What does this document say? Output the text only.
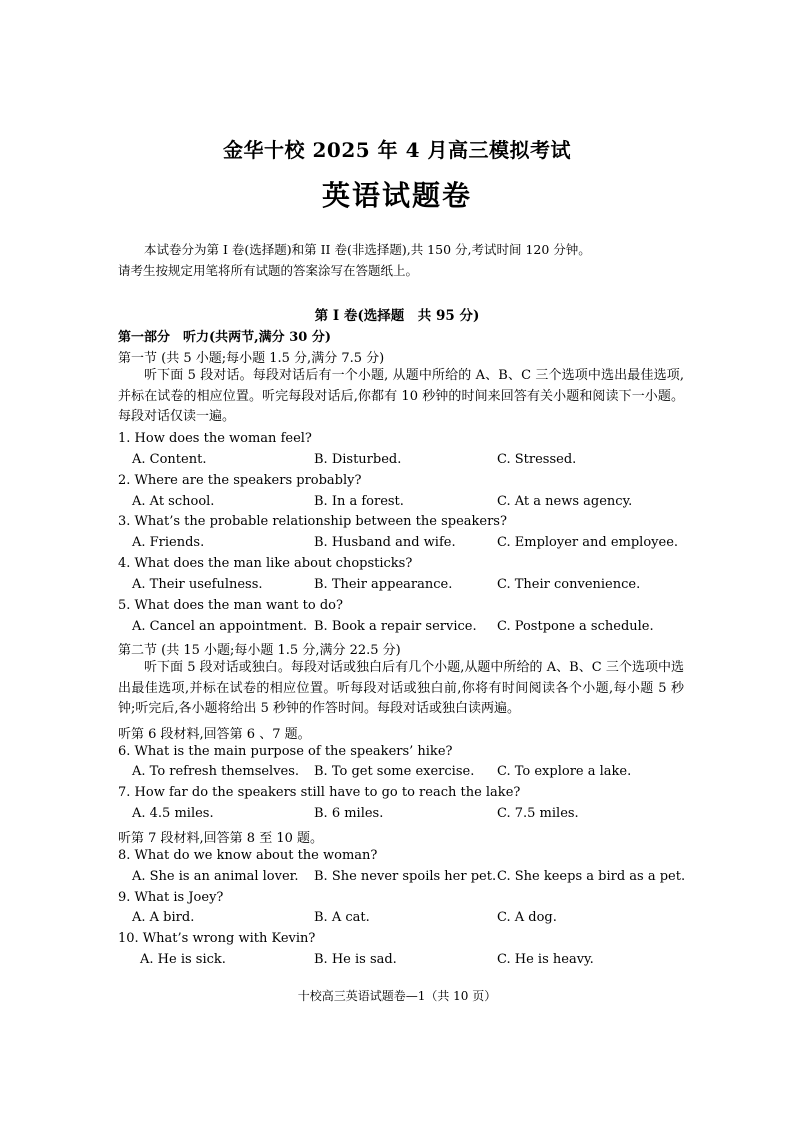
金华十校 2025 年 4 月高三模拟考试
英语试题卷
本试卷分为第 I 卷(选择题)和第 II 卷(非选择题),共 150 分,考试时间 120 分钟。
请考生按规定用笔将所有试题的答案涂写在答题纸上。
第 I 卷(选择题　共 95 分)
第一部分　听力(共两节,满分 30 分)
第一节 (共 5 小题;每小题 1.5 分,满分 7.5 分)
听下面 5 段对话。每段对话后有一个小题, 从题中所给的 A、B、C 三个选项中选出最佳选项,并标在试卷的相应位置。听完每段对话后,你都有 10 秒钟的时间来回答有关小题和阅读下一小题。每段对话仅读一遍。
1. How does the woman feel?
A. Content.	B. Disturbed.	C. Stressed.
2. Where are the speakers probably?
A. At school.	B. In a forest.	C. At a news agency.
3. What’s the probable relationship between the speakers?
A. Friends.	B. Husband and wife.	C. Employer and employee.
4. What does the man like about chopsticks?
A. Their usefulness.	B. Their appearance.	C. Their convenience.
5. What does the man want to do?
A. Cancel an appointment. B. Book a repair service. C. Postpone a schedule.
第二节 (共 15 小题;每小题 1.5 分,满分 22.5 分)
听下面 5 段对话或独白。每段对话或独白后有几个小题,从题中所给的 A、B、C 三个选项中选出最佳选项,并标在试卷的相应位置。听每段对话或独白前,你将有时间阅读各个小题,每小题 5 秒钟;听完后,各小题将给出 5 秒钟的作答时间。每段对话或独白读两遍。
听第 6 段材料,回答第 6 、7 题。
6. What is the main purpose of the speakers’ hike?
A. To refresh themselves. B. To get some exercise. C. To explore a lake.
7. How far do the speakers still have to go to reach the lake?
A. 4.5 miles.	B. 6 miles.	C. 7.5 miles.
听第 7 段材料,回答第 8 至 10 题。
8. What do we know about the woman?
A. She is an animal lover. B. She never spoils her pet. C. She keeps a bird as a pet.
9. What is Joey?
A. A bird.	B. A cat.	C. A dog.
10. What’s wrong with Kevin?
A. He is sick.	B. He is sad.	C. He is heavy.
十校高三英语试题卷—1（共 10 页）
